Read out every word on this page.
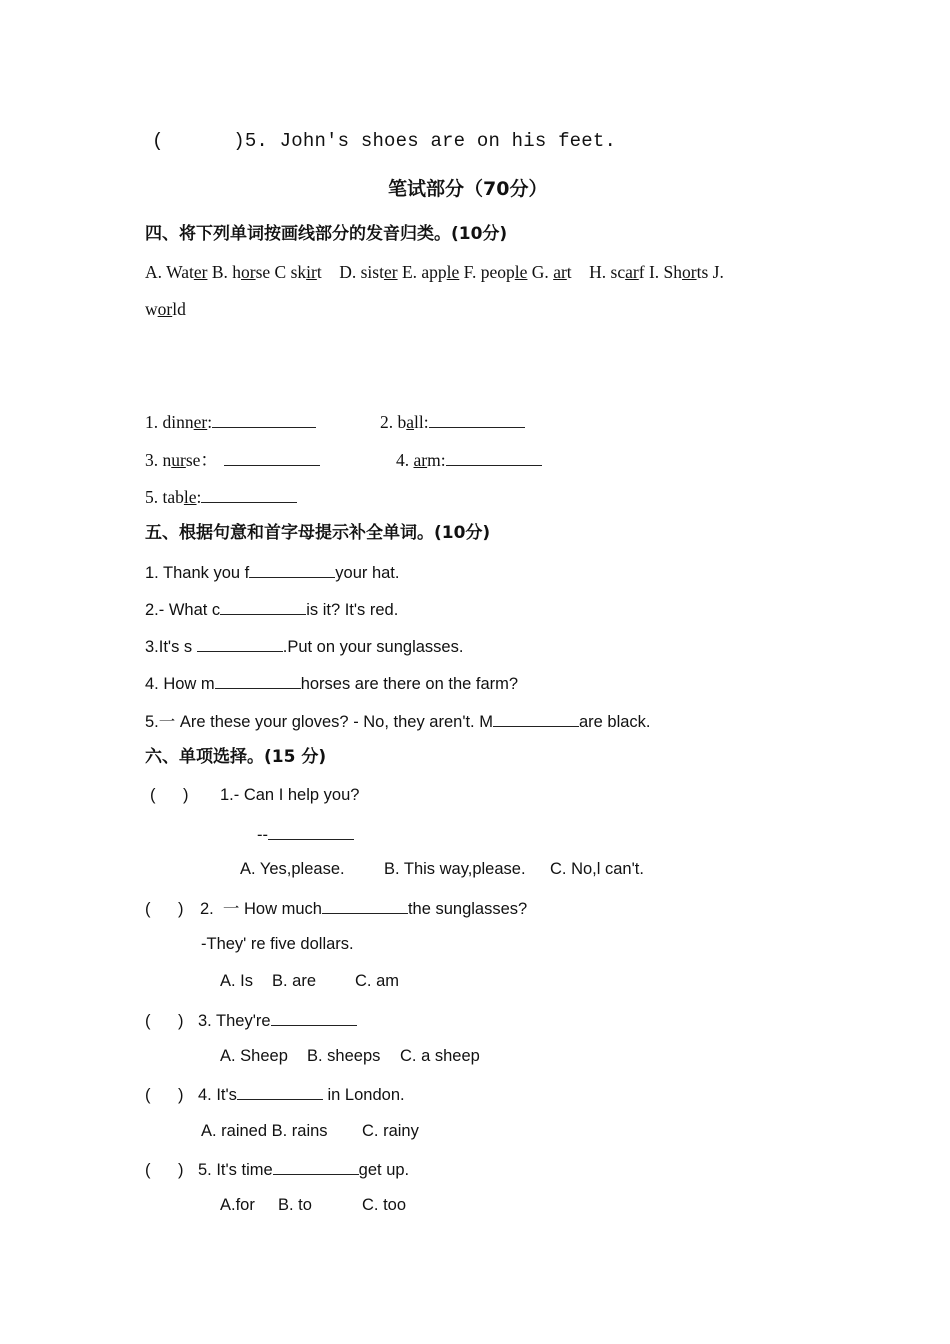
(      )5. John's shoes are on his feet.
笔试部分（70分）
四、将下列单词按画线部分的发音归类。(10分)
A. Water B. horse C skirt    D. sister E. apple F. people G. art    H. scarf I. Shorts J.
world
1. dinner:	2. ball:
3. nurse：	4. arm:
5. table:
五、根据句意和首字母提示补全单词。(10分)
1. Thank you f	your hat.
2.- What c	is it? It's red.
3.It's s	.Put on your sunglasses.
4. How m	horses are there on the farm?
5.一 Are these your gloves? - No, they aren't. M	are black.
六、单项选择。(15 分)
(      ) 1.- Can I help you?
--
A. Yes,please. B. This way,please. C. No,l can't.
(      ) 2.  一 How much	the sunglasses?
-They' re five dollars.
A. Is B. are C. am
(      ) 3. They're
A. Sheep B. sheeps C. a sheep
(      ) 4. It's	in London.
A. rained B. rains C. rainy
(      ) 5. It's time	get up.
A.for B. to	C. too
